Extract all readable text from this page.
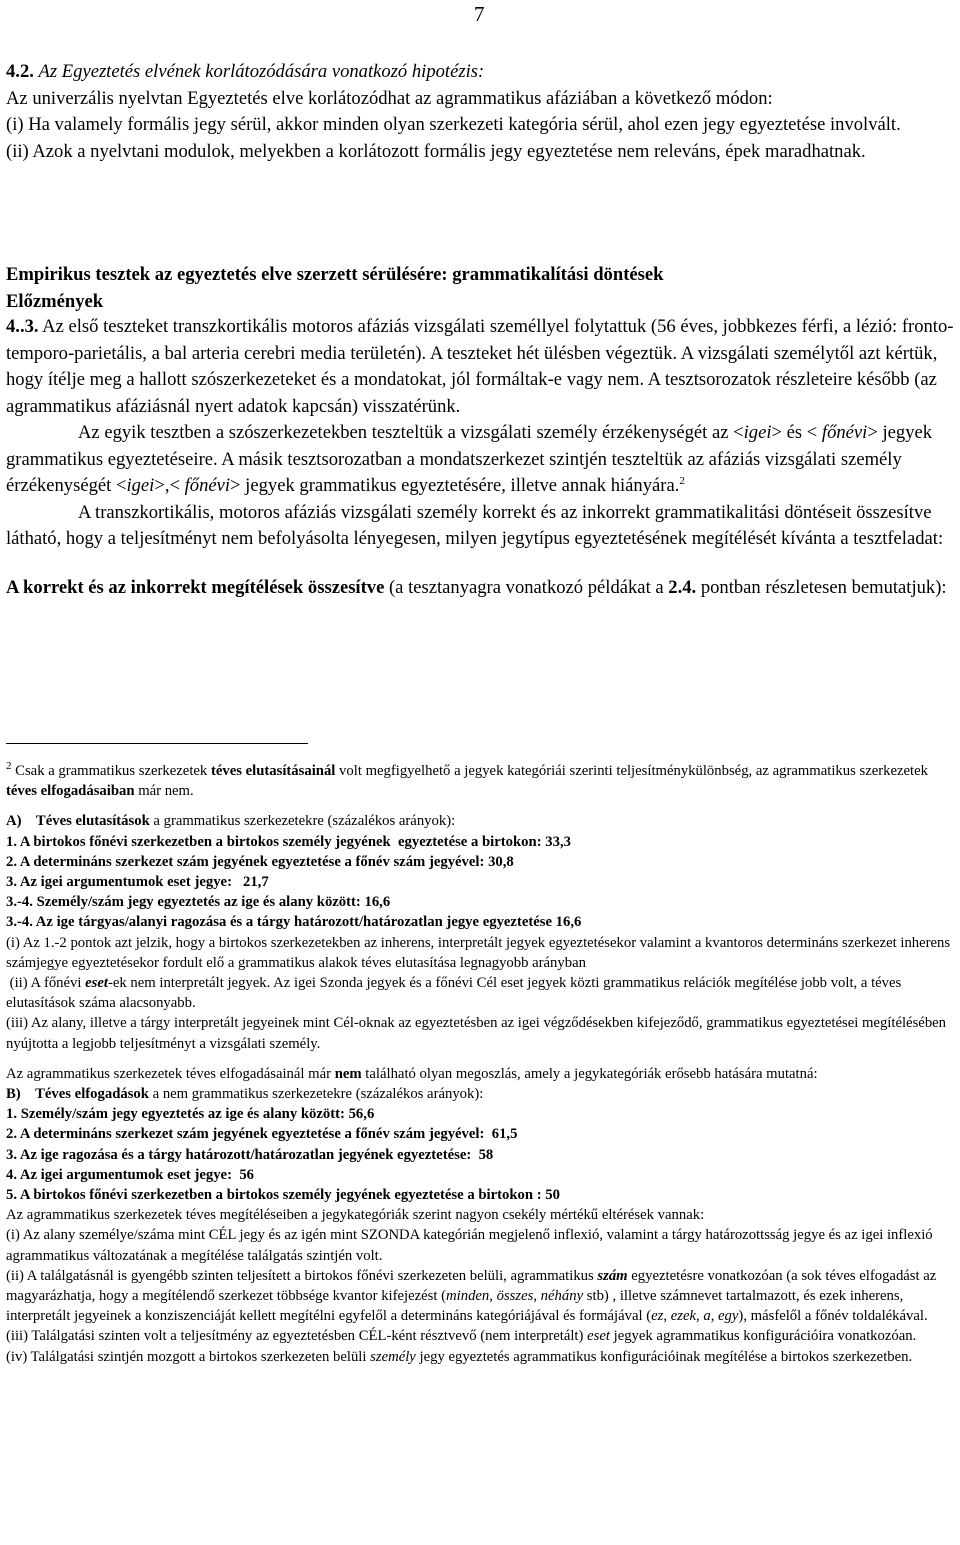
7

4.2. Az Egyeztetés elvének korlátozódására vonatkozó hipotézis:

Az univerzális nyelvtan Egyeztetés elve korlátozódhat az agrammatikus afáziában a következő módon:

(i) Ha valamely formális jegy sérül, akkor minden olyan szerkezeti kategória sérül, ahol ezen jegy egyeztetése involvált.

(ii) Azok a nyelvtani modulok, melyekben a korlátozott formális jegy egyeztetése nem releváns, épek maradhatnak.

Empirikus tesztek az egyeztetés elve szerzett sérülésére: grammatikalítási döntések

Előzmények

4..3. Az első teszteket transzkortikális motoros afáziás vizsgálati személlyel folytattuk (56 éves, jobbkezes férfi, a lézió: fronto-temporo-parietális, a bal arteria cerebri media területén). A teszteket hét ülésben végeztük. A vizsgálati személytől azt kértük, hogy ítélje meg a hallott szószerkezeteket és a mondatokat, jól formáltak-e vagy nem. A tesztsorozatok részleteire később (az agrammatikus afáziásnál nyert adatok kapcsán) visszatérünk.

Az egyik tesztben a szószerkezetekben teszteltük a vizsgálati személy érzékenységét az <igei> és < főnévi> jegyek grammatikus egyeztetéseire. A másik tesztsorozatban a mondatszerkezet szintjén teszteltük az afáziás vizsgálati személy érzékenységét <igei>,< főnévi> jegyek grammatikus egyeztetésére, illetve annak hiányára.$^2$

A transzkortikális, motoros afáziás vizsgálati személy korrekt és az inkorrekt grammatikalitási döntéseit összesítve látható, hogy a teljesítményt nem befolyásolta lényegesen, milyen jegytípus egyeztetésének megítélését kívánta a tesztfeladat:

A korrekt és az inkorrekt megítélések összesítve (a tesztanyagra vonatkozó példákat a 2.4. pontban részletesen bemutatjuk):

$^2$ Csak a grammatikus szerkezetek téves elutasításainál volt megfigyelhető a jegyek kategóriái szerinti teljesítménykülönbség, az agrammatikus szerkezetek téves elfogadásaiban már nem.

A)    Téves elutasítások a grammatikus szerkezetekre (százalékos arányok):

1. A birtokos főnévi szerkezetben a birtokos személy jegyének  egyeztetése a birtokon: 33,3

2. A determináns szerkezet szám jegyének egyeztetése a főnév szám jegyével: 30,8

3. Az igei argumentumok eset jegye:   21,7

3.-4. Személy/szám jegy egyeztetés az ige és alany között: 16,6

3.-4. Az ige tárgyas/alanyi ragozása és a tárgy határozott/határozatlan jegye egyeztetése 16,6

(i) Az 1.-2 pontok azt jelzik, hogy a birtokos szerkezetekben az inherens, interpretált jegyek egyeztetésekor valamint a kvantoros determináns szerkezet inherens számjegye egyeztetésekor fordult elő a grammatikus alakok téves elutasítása legnagyobb arányban

(ii) A főnévi eset-ek nem interpretált jegyek. Az igei Szonda jegyek és a főnévi Cél eset jegyek közti grammatikus relációk megítélése jobb volt, a téves elutasítások száma alacsonyabb.

(iii) Az alany, illetve a tárgy interpretált jegyeinek mint Cél-oknak az egyeztetésben az igei végződésekben kifejeződő, grammatikus egyeztetései megítélésében nyújtotta a legjobb teljesítményt a vizsgálati személy.

Az agrammatikus szerkezetek téves elfogadásainál már nem található olyan megoszlás, amely a jegykategóriák erősebb hatására mutatná:

B)    Téves elfogadások a nem grammatikus szerkezetekre (százalékos arányok):

1. Személy/szám jegy egyeztetés az ige és alany között: 56,6

2. A determináns szerkezet szám jegyének egyeztetése a főnév szám jegyével:  61,5

3. Az ige ragozása és a tárgy határozott/határozatlan jegyének egyeztetése:  58

4. Az igei argumentumok eset jegye:  56

5. A birtokos főnévi szerkezetben a birtokos személy jegyének egyeztetése a birtokon : 50

Az agrammatikus szerkezetek téves megítéléseiben a jegykategóriák szerint nagyon csekély mértékű eltérések vannak:

(i) Az alany személye/száma mint CÉL jegy és az igén mint SZONDA kategórián megjelenő inflexió, valamint a tárgy határozottsság jegye és az igei inflexió agrammatikus változatának a megítélése találgatás szintjén volt.

(ii) A találgatásnál is gyengébb szinten teljesített a birtokos főnévi szerkezeten belüli, agrammatikus szám egyeztetésre vonatkozóan (a sok téves elfogadást az magyarázhatja, hogy a megítélendő szerkezet többsége kvantor kifejezést (minden, összes, néhány stb) , illetve számnevet tartalmazott, és ezek inherens, interpretált jegyeinek a konziszenciáját kellett megítélni egyfelől a determináns kategóriájával és formájával (ez, ezek, a, egy), másfelől a főnév toldalékával.

(iii) Találgatási szinten volt a teljesítmény az egyeztetésben CÉL-ként résztvevő (nem interpretált) eset jegyek agrammatikus konfigurációira vonatkozóan.

(iv) Találgatási szintjén mozgott a birtokos szerkezeten belüli személy jegy egyeztetés agrammatikus konfigurációinak megítélése a birtokos szerkezetben.
